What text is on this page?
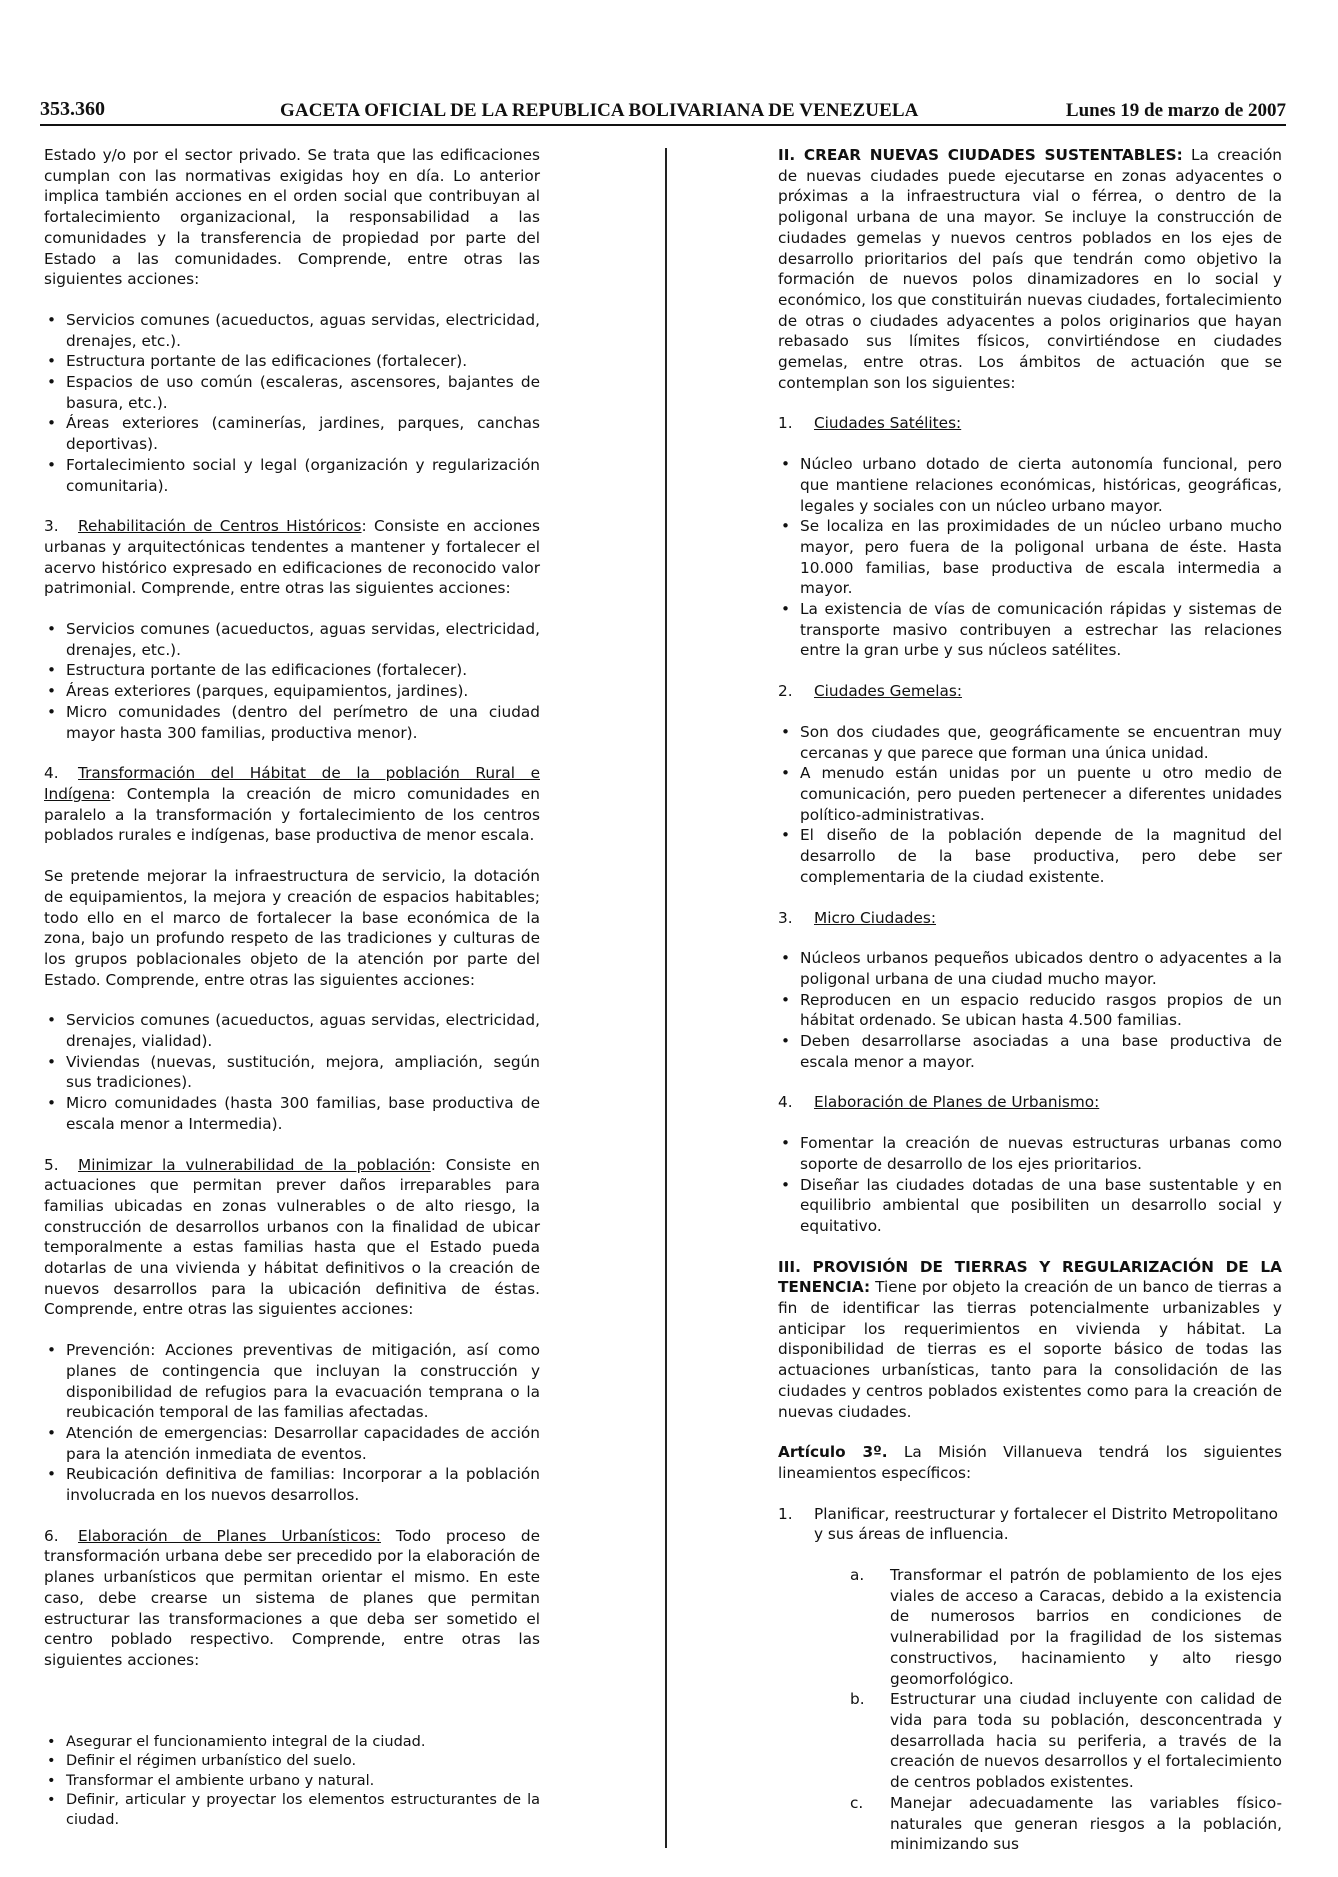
353.360	GACETA OFICIAL DE LA REPUBLICA BOLIVARIANA DE VENEZUELA	Lunes 19 de marzo de 2007

Estado y/o por el sector privado. Se trata que las edificaciones cumplan con las normativas exigidas hoy en día. Lo anterior implica también acciones en el orden social que contribuyan al fortalecimiento organizacional, la responsabilidad a las comunidades y la transferencia de propiedad por parte del Estado a las comunidades. Comprende, entre otras las siguientes acciones:

• Servicios comunes (acueductos, aguas servidas, electricidad, drenajes, etc.).
• Estructura portante de las edificaciones (fortalecer).
• Espacios de uso común (escaleras, ascensores, bajantes de basura, etc.).
• Áreas exteriores (caminerías, jardines, parques, canchas deportivas).
• Fortalecimiento social y legal (organización y regularización comunitaria).

3. Rehabilitación de Centros Históricos: Consiste en acciones urbanas y arquitectónicas tendentes a mantener y fortalecer el acervo histórico expresado en edificaciones de reconocido valor patrimonial. Comprende, entre otras las siguientes acciones:

• Servicios comunes (acueductos, aguas servidas, electricidad, drenajes, etc.).
• Estructura portante de las edificaciones (fortalecer).
• Áreas exteriores (parques, equipamientos, jardines).
• Micro comunidades (dentro del perímetro de una ciudad mayor hasta 300 familias, productiva menor).

4. Transformación del Hábitat de la población Rural e Indígena: Contempla la creación de micro comunidades en paralelo a la transformación y fortalecimiento de los centros poblados rurales e indígenas, base productiva de menor escala.

Se pretende mejorar la infraestructura de servicio, la dotación de equipamientos, la mejora y creación de espacios habitables; todo ello en el marco de fortalecer la base económica de la zona, bajo un profundo respeto de las tradiciones y culturas de los grupos poblacionales objeto de la atención por parte del Estado. Comprende, entre otras las siguientes acciones:

• Servicios comunes (acueductos, aguas servidas, electricidad, drenajes, vialidad).
• Viviendas (nuevas, sustitución, mejora, ampliación, según sus tradiciones).
• Micro comunidades (hasta 300 familias, base productiva de escala menor a Intermedia).

5. Minimizar la vulnerabilidad de la población: Consiste en actuaciones que permitan prever daños irreparables para familias ubicadas en zonas vulnerables o de alto riesgo, la construcción de desarrollos urbanos con la finalidad de ubicar temporalmente a estas familias hasta que el Estado pueda dotarlas de una vivienda y hábitat definitivos o la creación de nuevos desarrollos para la ubicación definitiva de éstas. Comprende, entre otras las siguientes acciones:

• Prevención: Acciones preventivas de mitigación, así como planes de contingencia que incluyan la construcción y disponibilidad de refugios para la evacuación temprana o la reubicación temporal de las familias afectadas.
• Atención de emergencias: Desarrollar capacidades de acción para la atención inmediata de eventos.
• Reubicación definitiva de familias: Incorporar a la población involucrada en los nuevos desarrollos.

6. Elaboración de Planes Urbanísticos: Todo proceso de transformación urbana debe ser precedido por la elaboración de planes urbanísticos que permitan orientar el mismo. En este caso, debe crearse un sistema de planes que permitan estructurar las transformaciones a que deba ser sometido el centro poblado respectivo. Comprende, entre otras las siguientes acciones:

• Asegurar el funcionamiento integral de la ciudad.
• Definir el régimen urbanístico del suelo.
• Transformar el ambiente urbano y natural.
• Definir, articular y proyectar los elementos estructurantes de la ciudad.

II. CREAR NUEVAS CIUDADES SUSTENTABLES: La creación de nuevas ciudades puede ejecutarse en zonas adyacentes o próximas a la infraestructura vial o férrea, o dentro de la poligonal urbana de una mayor. Se incluye la construcción de ciudades gemelas y nuevos centros poblados en los ejes de desarrollo prioritarios del país que tendrán como objetivo la formación de nuevos polos dinamizadores en lo social y económico, los que constituirán nuevas ciudades, fortalecimiento de otras o ciudades adyacentes a polos originarios que hayan rebasado sus límites físicos, convirtiéndose en ciudades gemelas, entre otras. Los ámbitos de actuación que se contemplan son los siguientes:

1. Ciudades Satélites:
• Núcleo urbano dotado de cierta autonomía funcional, pero que mantiene relaciones económicas, históricas, geográficas, legales y sociales con un núcleo urbano mayor.
• Se localiza en las proximidades de un núcleo urbano mucho mayor, pero fuera de la poligonal urbana de éste. Hasta 10.000 familias, base productiva de escala intermedia a mayor.
• La existencia de vías de comunicación rápidas y sistemas de transporte masivo contribuyen a estrechar las relaciones entre la gran urbe y sus núcleos satélites.
2. Ciudades Gemelas:
• Son dos ciudades que, geográficamente se encuentran muy cercanas y que parece que forman una única unidad.
• A menudo están unidas por un puente u otro medio de comunicación, pero pueden pertenecer a diferentes unidades político-administrativas.
• El diseño de la población depende de la magnitud del desarrollo de la base productiva, pero debe ser complementaria de la ciudad existente.
3. Micro Ciudades:
• Núcleos urbanos pequeños ubicados dentro o adyacentes a la poligonal urbana de una ciudad mucho mayor.
• Reproducen en un espacio reducido rasgos propios de un hábitat ordenado. Se ubican hasta 4.500 familias.
• Deben desarrollarse asociadas a una base productiva de escala menor a mayor.
4. Elaboración de Planes de Urbanismo:
• Fomentar la creación de nuevas estructuras urbanas como soporte de desarrollo de los ejes prioritarios.
• Diseñar las ciudades dotadas de una base sustentable y en equilibrio ambiental que posibiliten un desarrollo social y equitativo.

III. PROVISIÓN DE TIERRAS Y REGULARIZACIÓN DE LA TENENCIA: Tiene por objeto la creación de un banco de tierras a fin de identificar las tierras potencialmente urbanizables y anticipar los requerimientos en vivienda y hábitat. La disponibilidad de tierras es el soporte básico de todas las actuaciones urbanísticas, tanto para la consolidación de las ciudades y centros poblados existentes como para la creación de nuevas ciudades.

Artículo 3º. La Misión Villanueva tendrá los siguientes lineamientos específicos:

1. Planificar, reestructurar y fortalecer el Distrito Metropolitano y sus áreas de influencia.
a. Transformar el patrón de poblamiento de los ejes viales de acceso a Caracas, debido a la existencia de numerosos barrios en condiciones de vulnerabilidad por la fragilidad de los sistemas constructivos, hacinamiento y alto riesgo geomorfológico.
b. Estructurar una ciudad incluyente con calidad de vida para toda su población, desconcentrada y desarrollada hacia su periferia, a través de la creación de nuevos desarrollos y el fortalecimiento de centros poblados existentes.
c. Manejar adecuadamente las variables físico-naturales que generan riesgos a la población, minimizando sus
